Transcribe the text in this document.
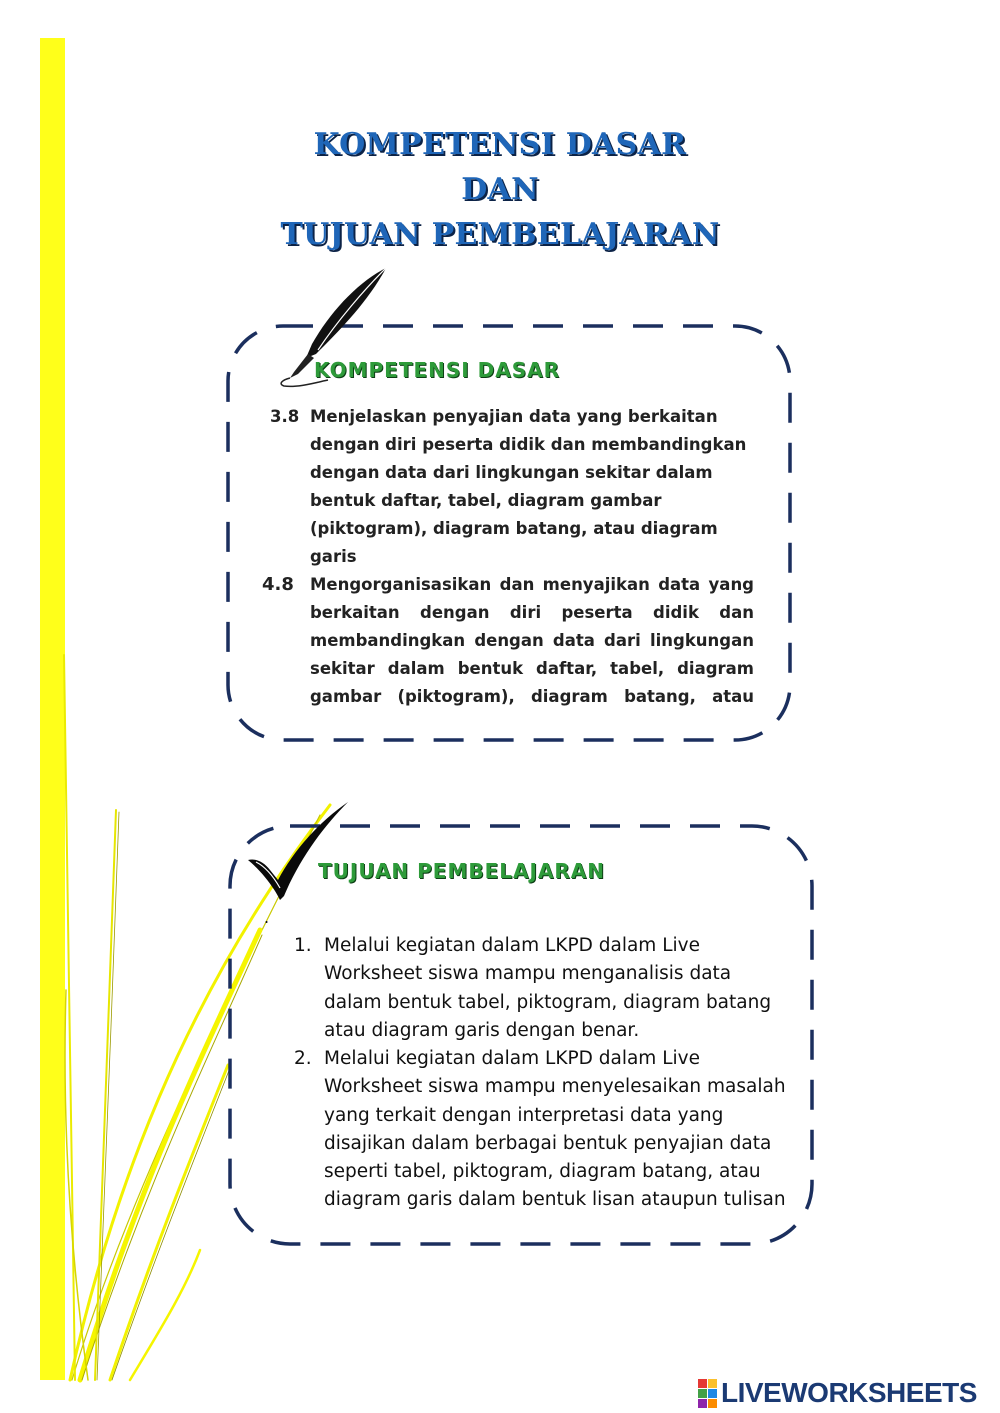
KOMPETENSI DASAR
DAN
TUJUAN PEMBELAJARAN
KOMPETENSI DASAR
3.8 Menjelaskan penyajian data yang berkaitan
dengan diri peserta didik dan membandingkan
dengan data dari lingkungan sekitar dalam
bentuk daftar, tabel, diagram gambar
(piktogram), diagram batang, atau diagram garis
4.8 Mengorganisasikan dan menyajikan data yang
berkaitan dengan diri peserta didik dan
membandingkan dengan data dari lingkungan
sekitar dalam bentuk daftar, tabel, diagram
gambar (piktogram), diagram batang, atau
TUJUAN PEMBELAJARAN
.
1. Melalui kegiatan dalam LKPD dalam Live
Worksheet siswa mampu menganalisis data
dalam bentuk tabel, piktogram, diagram batang
atau diagram garis dengan benar.
2. Melalui kegiatan dalam LKPD dalam Live
Worksheet siswa mampu menyelesaikan masalah
yang terkait dengan interpretasi data yang
disajikan dalam berbagai bentuk penyajian data
seperti tabel, piktogram, diagram batang, atau
diagram garis dalam bentuk lisan ataupun tulisan
LIVEWORKSHEETS
